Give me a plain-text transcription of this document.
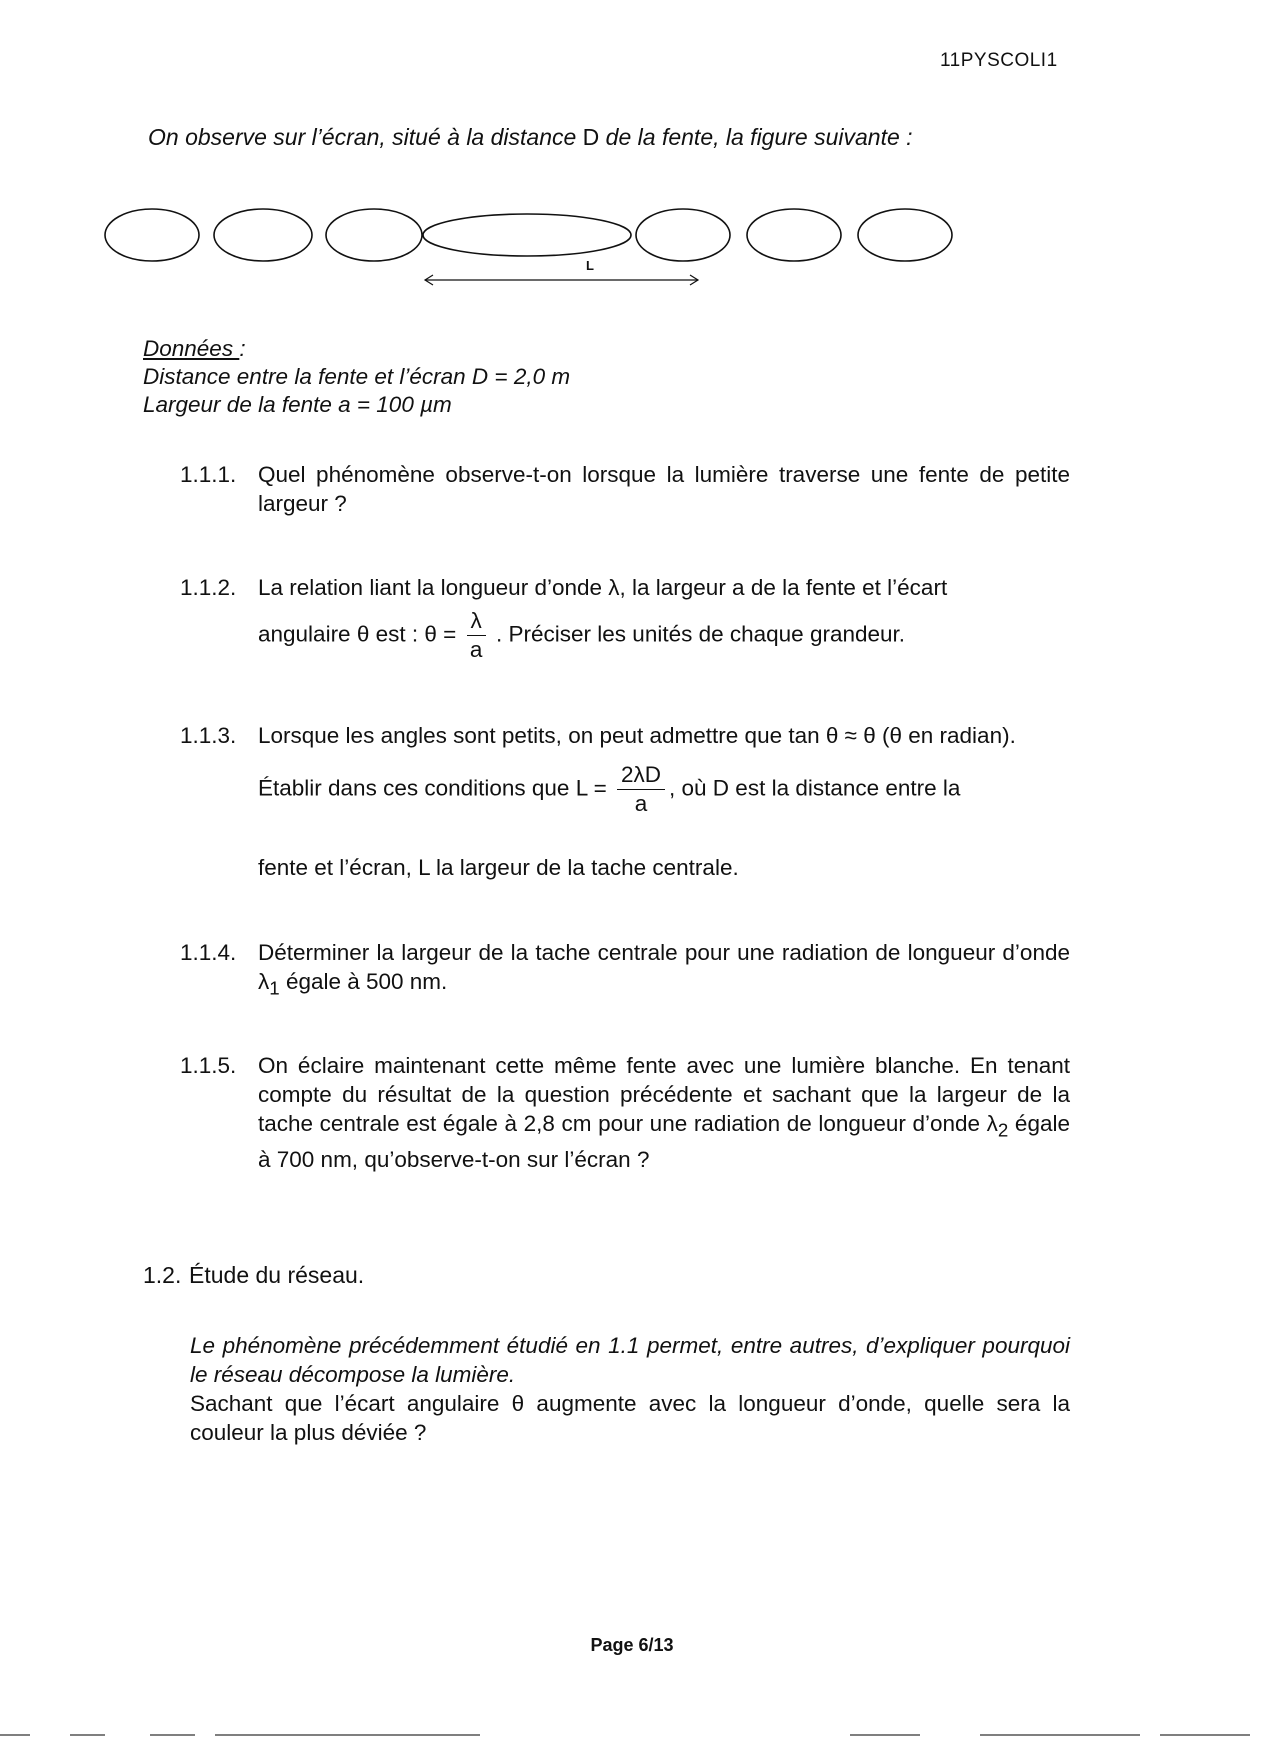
11PYSCOLI1
On observe sur l’écran, situé à la distance D de la fente, la figure suivante :
L
Données :
Distance entre la fente et l’écran D = 2,0 m
Largeur de la fente a = 100 µm
1.1.1. Quel phénomène observe-t-on lorsque la lumière traverse une fente de petite largeur ?
1.1.2. La relation liant la longueur d’onde λ, la largeur a de la fente et l’écart
angulaire θ est : $\theta = \frac{\lambda}{a}$ . Préciser les unités de chaque grandeur.
1.1.3. Lorsque les angles sont petits, on peut admettre que tan θ ≈ θ (θ en radian).
Établir dans ces conditions que $L = \frac{2\lambda D}{a}$ , où D est la distance entre la
fente et l’écran, L la largeur de la tache centrale.
1.1.4. Déterminer la largeur de la tache centrale pour une radiation de longueur d’onde $\lambda_1$ égale à 500 nm.
1.1.5. On éclaire maintenant cette même fente avec une lumière blanche. En tenant compte du résultat de la question précédente et sachant que la largeur de la tache centrale est égale à 2,8 cm pour une radiation de longueur d’onde $\lambda_2$ égale à 700 nm, qu’observe-t-on sur l’écran ?
1.2. Étude du réseau.
Le phénomène précédemment étudié en 1.1 permet, entre autres, d’expliquer pourquoi le réseau décompose la lumière.
Sachant que l’écart angulaire θ augmente avec la longueur d’onde, quelle sera la couleur la plus déviée ?
Page 6/13
